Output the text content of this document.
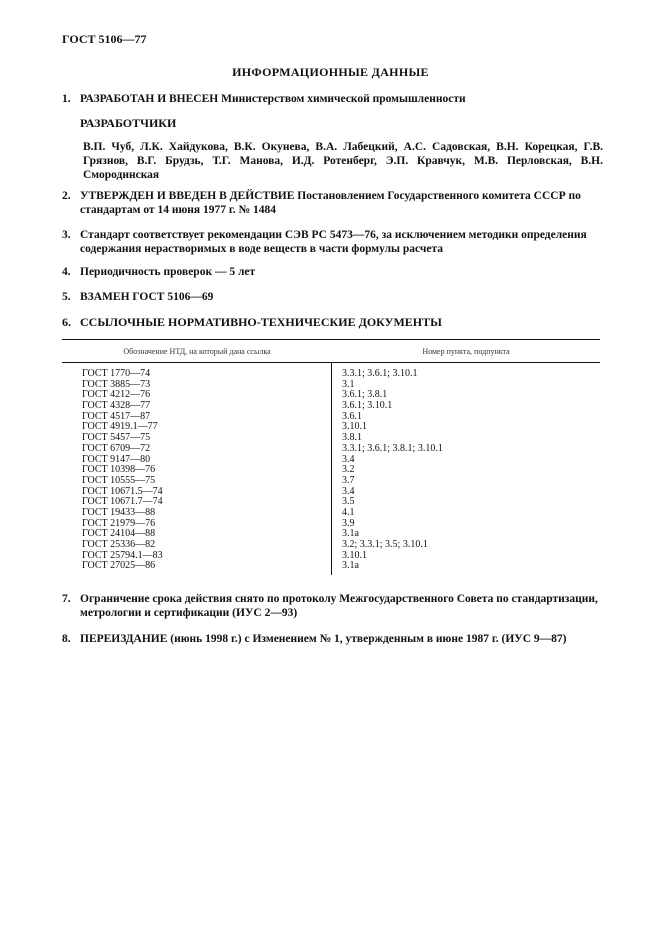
ГОСТ 5106—77
ИНФОРМАЦИОННЫЕ ДАННЫЕ
1. РАЗРАБОТАН И ВНЕСЕН Министерством химической промышленности
РАЗРАБОТЧИКИ
В.П. Чуб, Л.К. Хайдукова, В.К. Окунева, В.А. Лабецкий, А.С. Садовская, В.Н. Корецкая, Г.В. Грязнов, В.Г. Брудзь, Т.Г. Манова, И.Д. Ротенберг, Э.П. Кравчук, М.В. Перловская, В.Н. Смородинская
2. УТВЕРЖДЕН И ВВЕДЕН В ДЕЙСТВИЕ Постановлением Государственного комитета СССР по
стандартам от 14 июня 1977 г. № 1484
3. Стандарт соответствует рекомендации СЭВ РС 5473—76, за исключением методики определения
содержания нерастворимых в воде веществ в части формулы расчета
4. Периодичность проверок — 5 лет
5. ВЗАМЕН ГОСТ 5106—69
6. ССЫЛОЧНЫЕ НОРМАТИВНО-ТЕХНИЧЕСКИЕ ДОКУМЕНТЫ
Обозначение НТД, на который дана ссылка	Номер пункта, подпункта
ГОСТ 1770—74
ГОСТ 3885—73
ГОСТ 4212—76
ГОСТ 4328—77
ГОСТ 4517—87
ГОСТ 4919.1—77
ГОСТ 5457—75
ГОСТ 6709—72
ГОСТ 9147—80
ГОСТ 10398—76
ГОСТ 10555—75
ГОСТ 10671.5—74
ГОСТ 10671.7—74
ГОСТ 19433—88
ГОСТ 21979—76
ГОСТ 24104—88
ГОСТ 25336—82
ГОСТ 25794.1—83
ГОСТ 27025—86
3.3.1; 3.6.1; 3.10.1
3.1
3.6.1; 3.8.1
3.6.1; 3.10.1
3.6.1
3.10.1
3.8.1
3.3.1; 3.6.1; 3.8.1; 3.10.1
3.4
3.2
3.7
3.4
3.5
4.1
3.9
3.1а
3.2; 3.3.1; 3.5; 3.10.1
3.10.1
3.1а
7. Ограничение срока действия снято по протоколу Межгосударственного Совета по стандартизации,
метрологии и сертификации (ИУС 2—93)
8. ПЕРЕИЗДАНИЕ (июнь 1998 г.) с Изменением № 1, утвержденным в июне 1987 г. (ИУС 9—87)
